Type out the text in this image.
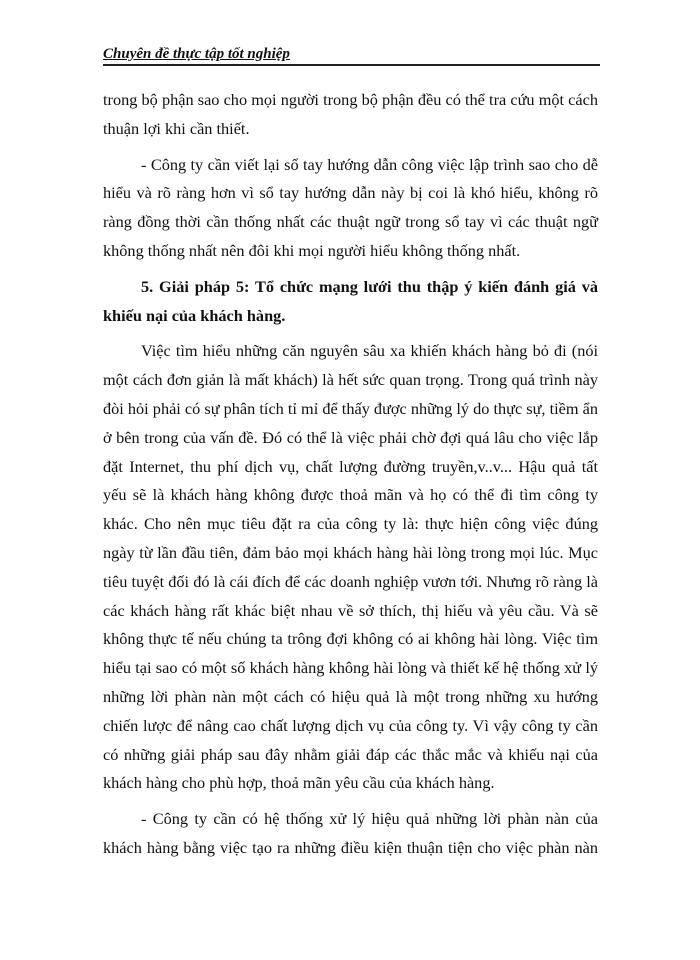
Chuyên đề thực tập tốt nghiệp
trong bộ phận sao cho mọi người trong bộ phận đều có thể tra cứu một cách
thuận lợi khi cần thiết.
- Công ty cần viết lại sổ tay hướng dẫn công việc lập trình sao cho dễ
hiểu và rõ ràng hơn vì sổ tay hướng dẫn này bị coi là khó hiểu, không rõ
ràng đồng thời cần thống nhất các thuật ngữ trong sổ tay vì các thuật ngữ
không thống nhất nên đôi khi mọi người hiểu không thống nhất.
5. Giải pháp 5: Tổ chức mạng lưới thu thập ý kiến đánh giá và
khiếu nại của khách hàng.
Việc tìm hiểu những căn nguyên sâu xa khiến khách hàng bỏ đi (nói
một cách đơn giản là mất khách) là hết sức quan trọng. Trong quá trình này
đòi hỏi phải có sự phân tích tỉ mỉ để thấy được những lý do thực sự, tiềm ẩn
ở bên trong của vấn đề. Đó có thể là việc phải chờ đợi quá lâu cho việc lắp
đặt Internet, thu phí dịch vụ, chất lượng đường truyền,v..v... Hậu quả tất
yếu sẽ là khách hàng không được thoả mãn và họ có thể đi tìm công ty
khác. Cho nên mục tiêu đặt ra của công ty là: thực hiện công việc đúng
ngày từ lần đầu tiên, đảm bảo mọi khách hàng hài lòng trong mọi lúc. Mục
tiêu tuyệt đối đó là cái đích để các doanh nghiệp vươn tới. Nhưng rõ ràng là
các khách hàng rất khác biệt nhau về sở thích, thị hiếu và yêu cầu. Và sẽ
không thực tế nếu chúng ta trông đợi không có ai không hài lòng. Việc tìm
hiểu tại sao có một số khách hàng không hài lòng và thiết kế hệ thống xử lý
những lời phàn nàn một cách có hiệu quả là một trong những xu hướng
chiến lược để nâng cao chất lượng dịch vụ của công ty. Vì vậy công ty cần
có những giải pháp sau đây nhằm giải đáp các thắc mắc và khiếu nại của
khách hàng cho phù hợp, thoả mãn yêu cầu của khách hàng.
- Công ty cần có hệ thống xử lý hiệu quả những lời phàn nàn của
khách hàng bằng việc tạo ra những điều kiện thuận tiện cho việc phàn nàn
